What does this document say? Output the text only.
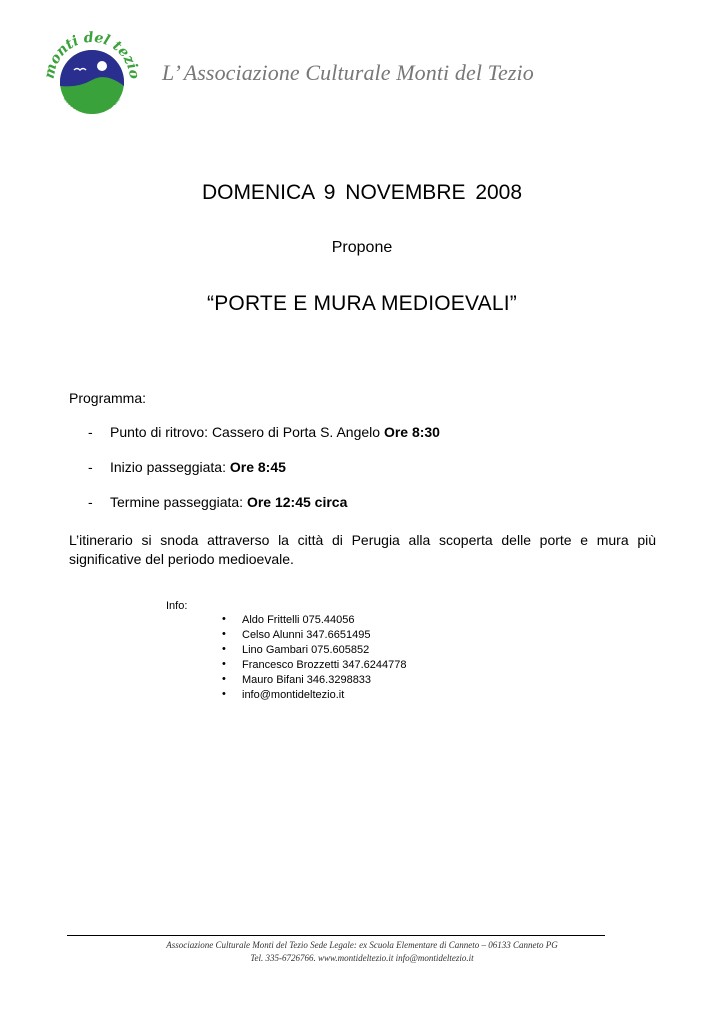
monti del tezio
associazione culturale
L’ Associazione Culturale Monti del Tezio
DOMENICA 9 NOVEMBRE 2008
Propone
“PORTE E MURA MEDIOEVALI”
Programma:
- Punto di ritrovo: Cassero di Porta S. Angelo Ore 8:30
- Inizio passeggiata: Ore 8:45
- Termine passeggiata: Ore 12:45 circa
L’itinerario si snoda attraverso la città di Perugia alla scoperta delle porte e mura più significative del periodo medioevale.
Info:
• Aldo Frittelli 075.44056
• Celso Alunni 347.6651495
• Lino Gambari 075.605852
• Francesco Brozzetti 347.6244778
• Mauro Bifani 346.3298833
• info@montideltezio.it
Associazione Culturale Monti del Tezio Sede Legale: ex Scuola Elementare di Canneto – 06133 Canneto PG
Tel. 335-6726766. www.montideltezio.it info@montideltezio.it
